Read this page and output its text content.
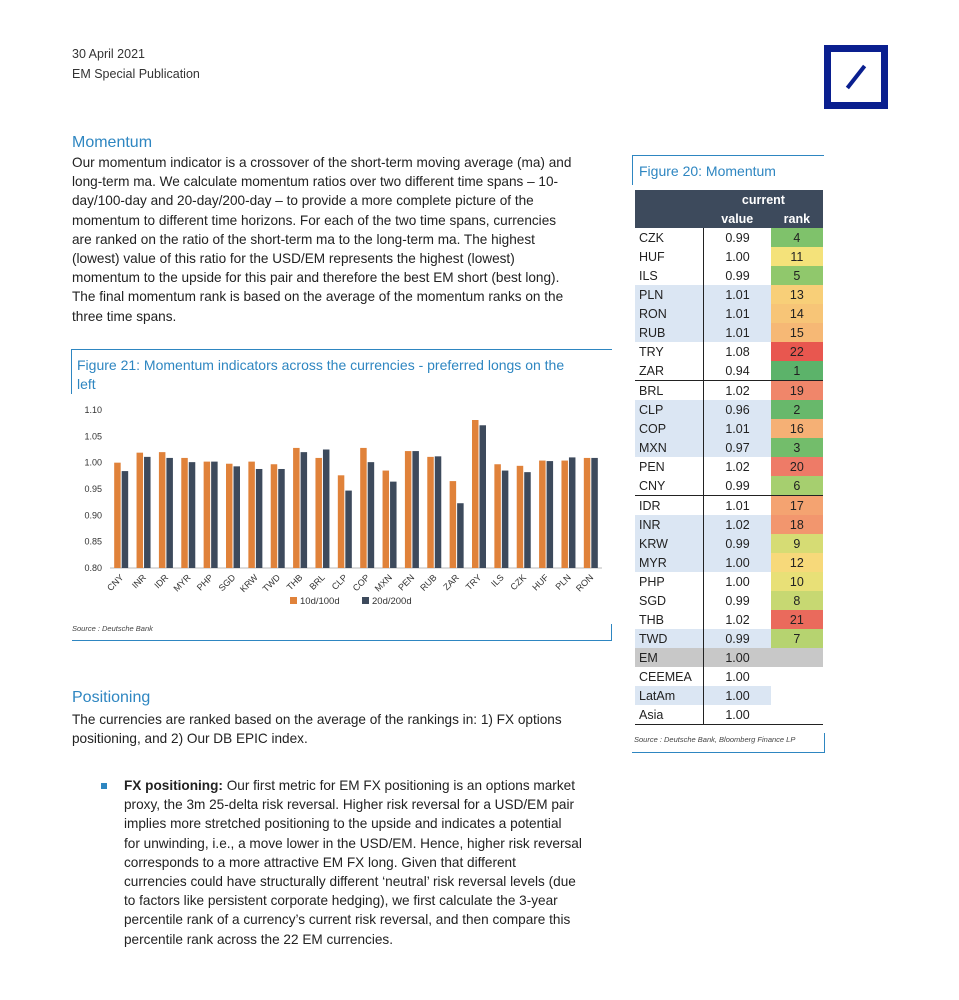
30 April 2021
EM Special Publication
Momentum
Our momentum indicator is a crossover of the short-term moving average (ma) and
long-term ma. We calculate momentum ratios over two different time spans – 10-
day/100-day and 20-day/200-day – to provide a more complete picture of the
momentum to different time horizons. For each of the two time spans, currencies
are ranked on the ratio of the short-term ma to the long-term ma. The highest
(lowest) value of this ratio for the USD/EM represents the highest (lowest)
momentum to the upside for this pair and therefore the best EM short (best long).
The final momentum rank is based on the average of the momentum ranks on the
three time spans.
Figure 21: Momentum indicators across the currencies - preferred longs on the
left
0.80
0.85
0.90
0.95
1.00
1.05
1.10
CNY INR IDR MYR PHP SGD KRW TWD THB BRL CLP COP MXN PEN RUB ZAR TRY ILS CZK HUF PLN RON
10d/100d	20d/200d
Source : Deutsche Bank
Figure 20: Momentum
	current	
	value	rank
CZK	0.99	4
HUF	1.00	11
ILS	0.99	5
PLN	1.01	13
RON	1.01	14
RUB	1.01	15
TRY	1.08	22
ZAR	0.94	1
BRL	1.02	19
CLP	0.96	2
COP	1.01	16
MXN	0.97	3
PEN	1.02	20
CNY	0.99	6
IDR	1.01	17
INR	1.02	18
KRW	0.99	9
MYR	1.00	12
PHP	1.00	10
SGD	0.99	8
THB	1.02	21
TWD	0.99	7
EM	1.00	
CEEMEA	1.00	
LatAm	1.00	
Asia	1.00	
Source : Deutsche Bank, Bloomberg Finance LP
Positioning
The currencies are ranked based on the average of the rankings in: 1) FX options
positioning, and 2) Our DB EPIC index.
FX positioning: Our first metric for EM FX positioning is an options market
proxy, the 3m 25-delta risk reversal. Higher risk reversal for a USD/EM pair
implies more stretched positioning to the upside and indicates a potential
for unwinding, i.e., a move lower in the USD/EM. Hence, higher risk reversal
corresponds to a more attractive EM FX long. Given that different
currencies could have structurally different ‘neutral’ risk reversal levels (due
to factors like persistent corporate hedging), we first calculate the 3-year
percentile rank of a currency’s current risk reversal, and then compare this
percentile rank across the 22 EM currencies.
